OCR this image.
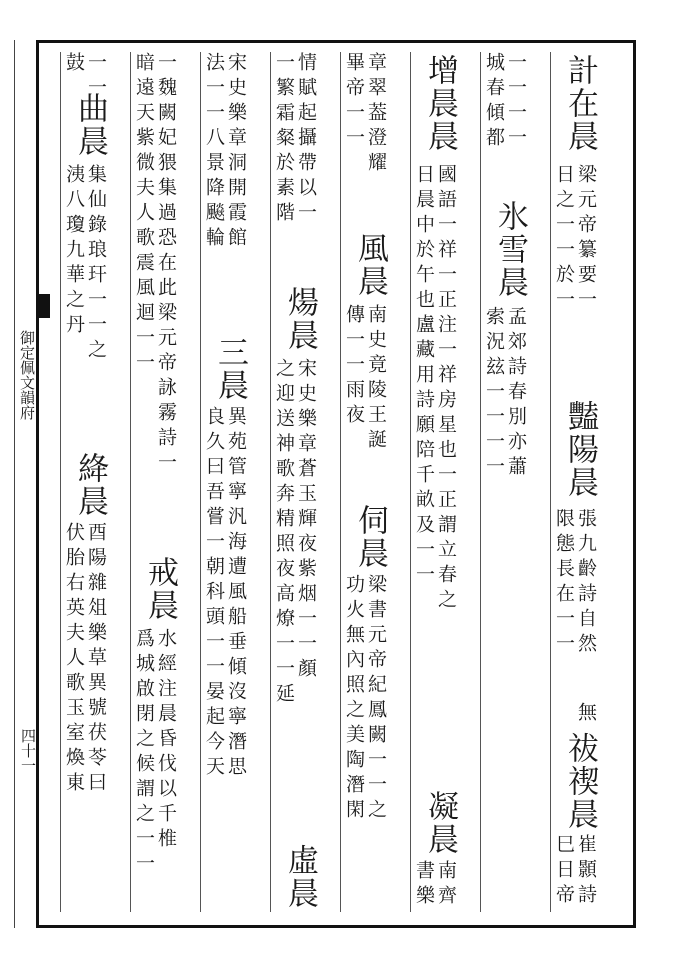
御定佩文韻府
四十一
計在晨
梁元帝纂要一
日之一一於一
豔陽晨
張九齡詩自然
限態長在一一
無
祓禊晨
崔顥詩
巳日帝
一一一一
城春傾都
氷雪晨
孟郊詩春別亦蕭
索況玆一一一一
增晨晨
國語一祥一正注一祥房星也一正謂立春之
日晨中於午也盧藏用詩願陪千畝及一一
凝晨
南齊
書樂
章翠葢澄耀
畢帝一一
風晨
南史竟陵王誕
傳一一雨夜
伺晨
梁書元帝紀鳳闕一一之
功火無內照之美陶潛閑
情賦起攝帶以一
一繁霜粲於素階
煬晨
宋史樂章蒼玉輝夜紫烟一一顏
之迎送神歌奔精照夜高燎一一延
虛晨
宋史樂章洞開霞館
法一一八景降飈輪
三晨
異苑管寧汎海遭風船垂傾沒寧潛思
良久曰吾嘗一朝科頭一一晏起今天
一魏闕妃猥集過恐在此梁元帝詠霧詩一
暗遠天紫微夫人歌震風迴一一
戒晨
水經注晨昏伐以千椎
爲城啟閉之候謂之一一
一一
鼓
曲晨
集仙錄琅玕一一之
洟八瓊九華之丹
絳晨
酉陽雜俎樂草異號茯苓曰
伏胎右英夫人歌玉室煥東
